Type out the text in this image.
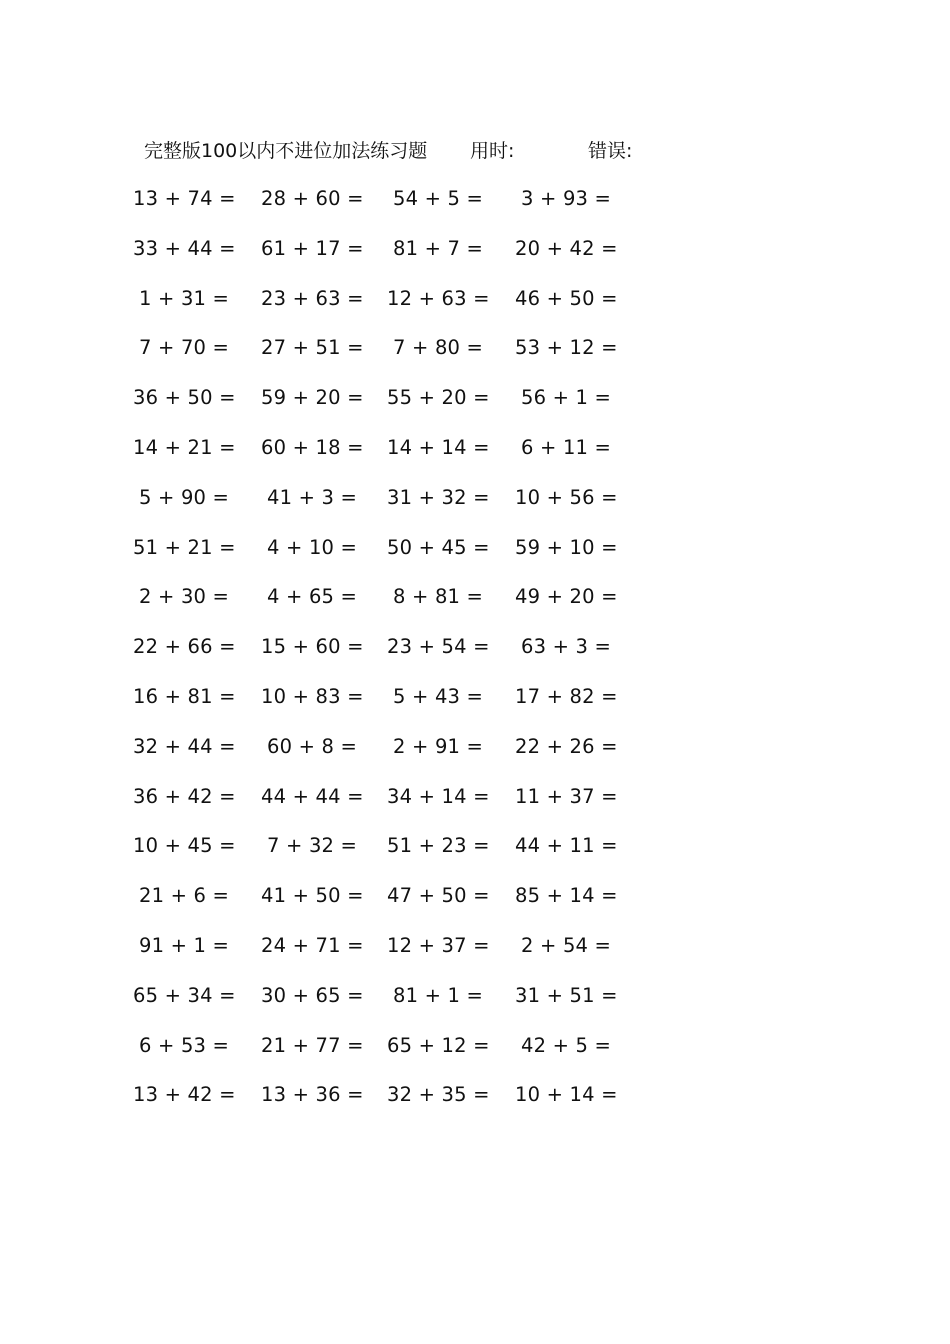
完整版100以内不进位加法练习题 用时:	错误:
13 + 74 = 28 + 60 = 54 + 5 = 3 + 93 =
33 + 44 = 61 + 17 = 81 + 7 = 20 + 42 =
1 + 31 = 23 + 63 = 12 + 63 = 46 + 50 =
7 + 70 = 27 + 51 = 7 + 80 = 53 + 12 =
36 + 50 = 59 + 20 = 55 + 20 = 56 + 1 =
14 + 21 = 60 + 18 = 14 + 14 = 6 + 11 =
5 + 90 = 41 + 3 = 31 + 32 = 10 + 56 =
51 + 21 = 4 + 10 = 50 + 45 = 59 + 10 =
2 + 30 = 4 + 65 = 8 + 81 = 49 + 20 =
22 + 66 = 15 + 60 = 23 + 54 = 63 + 3 =
16 + 81 = 10 + 83 = 5 + 43 = 17 + 82 =
32 + 44 = 60 + 8 = 2 + 91 = 22 + 26 =
36 + 42 = 44 + 44 = 34 + 14 = 11 + 37 =
10 + 45 = 7 + 32 = 51 + 23 = 44 + 11 =
21 + 6 = 41 + 50 = 47 + 50 = 85 + 14 =
91 + 1 = 24 + 71 = 12 + 37 = 2 + 54 =
65 + 34 = 30 + 65 = 81 + 1 = 31 + 51 =
6 + 53 = 21 + 77 = 65 + 12 = 42 + 5 =
13 + 42 = 13 + 36 = 32 + 35 = 10 + 14 =
